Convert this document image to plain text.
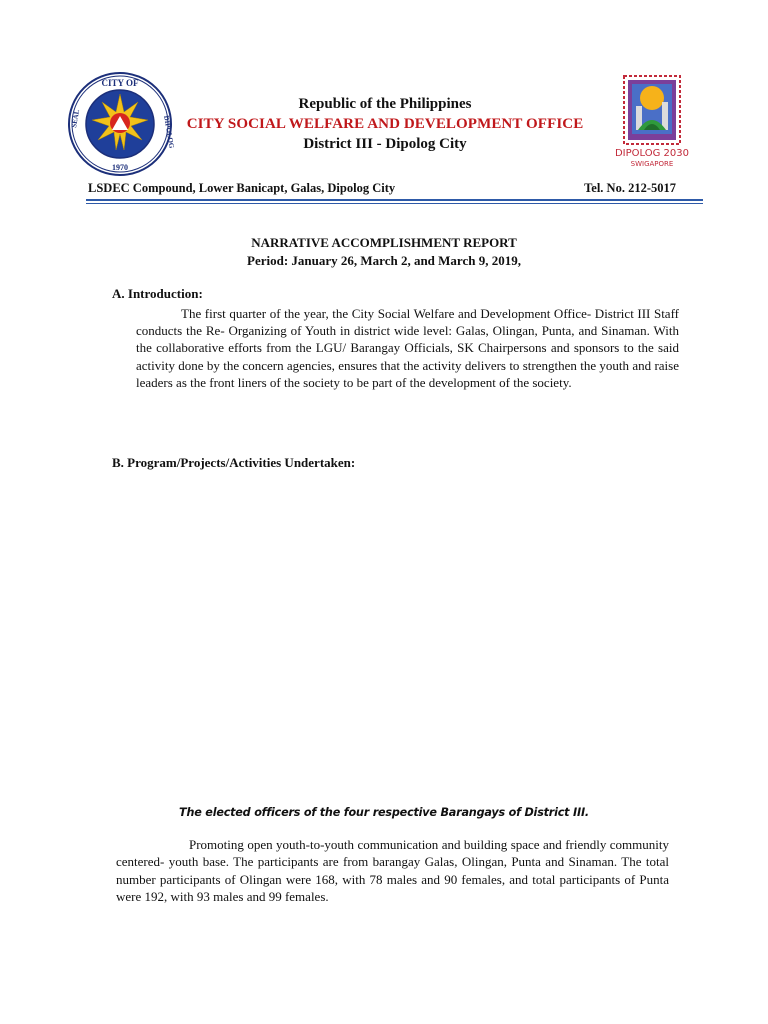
CITY OF
1970
SEAL	DIPOLOG
DIPOLOG 2030
SWIGAPORE
Republic of the Philippines
CITY SOCIAL WELFARE AND DEVELOPMENT OFFICE
District III - Dipolog City
LSDEC Compound, Lower Banicapt, Galas, Dipolog City	Tel. No. 212-5017
NARRATIVE ACCOMPLISHMENT REPORT
Period: January 26, March 2, and March 9, 2019,
A. Introduction:

The first quarter of the year, the City Social Welfare and Development Office- District III Staff conducts the Re- Organizing of Youth in district wide level: Galas, Olingan, Punta, and Sinaman. With the collaborative efforts from the LGU/ Barangay Officials, SK Chairpersons and sponsors to the said activity done by the concern agencies, ensures that the activity delivers to strengthen the youth and raise leaders as the front liners of the society to be part of the development of the society.

B. Program/Projects/Activities Undertaken:
The elected officers of the four respective Barangays of District III.

Promoting open youth-to-youth communication and building space and friendly community centered- youth base. The participants are from barangay Galas, Olingan, Punta and Sinaman. The total number participants of Olingan were 168, with 78 males and 90 females, and total participants of Punta were 192, with 93 males and 99 females.
